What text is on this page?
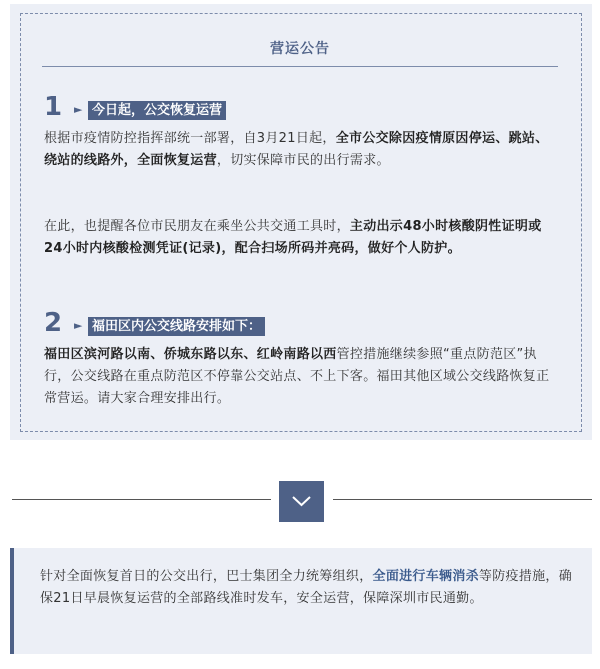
营运公告
1 ► 今日起，公交恢复运营
根据市疫情防控指挥部统一部署，自3月21日起，全市公交除因疫情原因停运、跳站、绕站的线路外，全面恢复运营，切实保障市民的出行需求。
在此，也提醒各位市民朋友在乘坐公共交通工具时，主动出示48小时核酸阴性证明或24小时内核酸检测凭证(记录)，配合扫场所码并亮码，做好个人防护。
2 ► 福田区内公交线路安排如下：
福田区滨河路以南、侨城东路以东、红岭南路以西管控措施继续参照“重点防范区”执行，公交线路在重点防范区不停靠公交站点、不上下客。福田其他区域公交线路恢复正常营运。请大家合理安排出行。
针对全面恢复首日的公交出行，巴士集团全力统筹组织，全面进行车辆消杀等防疫措施，确保21日早晨恢复运营的全部路线准时发车，安全运营，保障深圳市民通勤。
